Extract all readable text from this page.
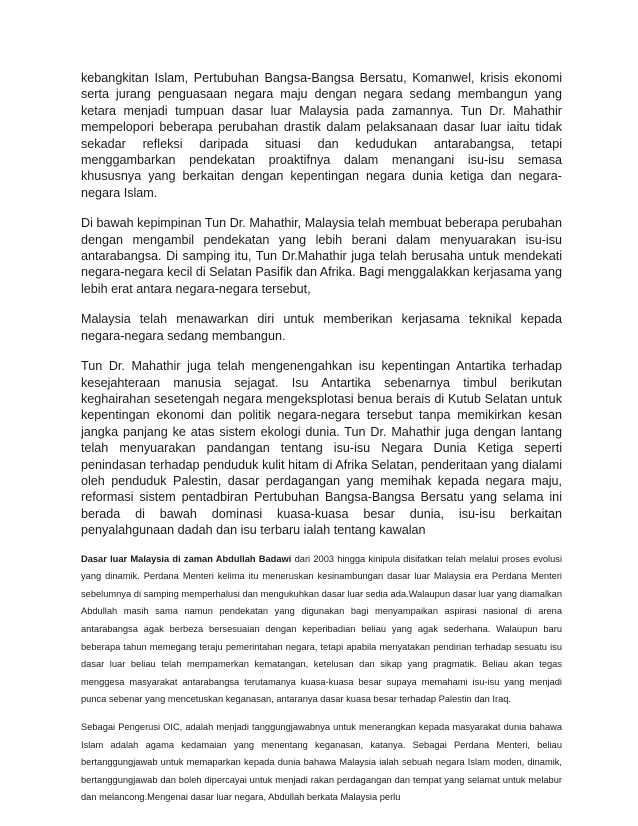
kebangkitan Islam, Pertubuhan Bangsa-Bangsa Bersatu, Komanwel, krisis ekonomi serta jurang penguasaan negara maju dengan negara sedang membangun yang ketara menjadi tumpuan dasar luar Malaysia pada zamannya. Tun Dr. Mahathir mempelopori beberapa perubahan drastik dalam pelaksanaan dasar luar iaitu tidak sekadar refleksi daripada situasi dan kedudukan antarabangsa, tetapi menggambarkan pendekatan proaktifnya dalam menangani isu-isu semasa khususnya yang berkaitan dengan kepentingan negara dunia ketiga dan negara-negara Islam.

Di bawah kepimpinan Tun Dr. Mahathir, Malaysia telah membuat beberapa perubahan dengan mengambil pendekatan yang lebih berani dalam menyuarakan isu-isu antarabangsa. Di samping itu, Tun Dr.Mahathir juga telah berusaha untuk mendekati negara-negara kecil di Selatan Pasifik dan Afrika. Bagi menggalakkan kerjasama yang lebih erat antara negara-negara tersebut,

Malaysia telah menawarkan diri untuk memberikan kerjasama teknikal kepada negara-negara sedang membangun.

Tun Dr. Mahathir juga telah mengenengahkan isu kepentingan Antartika terhadap kesejahteraan manusia sejagat. Isu Antartika sebenarnya timbul berikutan keghairahan sesetengah negara mengeksplotasi benua berais di Kutub Selatan untuk kepentingan ekonomi dan politik negara-negara tersebut tanpa memikirkan kesan jangka panjang ke atas sistem ekologi dunia. Tun Dr. Mahathir juga dengan lantang telah menyuarakan pandangan tentang isu-isu Negara Dunia Ketiga seperti penindasan terhadap penduduk kulit hitam di Afrika Selatan, penderitaan yang dialami oleh penduduk Palestin, dasar perdagangan yang memihak kepada negara maju, reformasi sistem pentadbiran Pertubuhan Bangsa-Bangsa Bersatu yang selama ini berada di bawah dominasi kuasa-kuasa besar dunia, isu-isu berkaitan penyalahgunaan dadah dan isu terbaru ialah tentang kawalan

Dasar luar Malaysia di zaman Abdullah Badawi dari 2003 hingga kinipula disifatkan telah melalui proses evolusi yang dinamik. Perdana Menteri kelima itu meneruskan kesinambungan dasar luar Malaysia era Perdana Menteri sebelumnya di samping memperhalusi dan mengukuhkan dasar luar sedia ada.Walaupun dasar luar yang diamalkan Abdullah masih sama namun pendekatan yang digunakan bagi menyampaikan aspirasi nasional di arena antarabangsa agak berbeza bersesuaian dengan keperibadian beliau yang agak sederhana. Walaupun baru beberapa tahun memegang teraju pemerintahan negara, tetapi apabila menyatakan pendirian terhadap sesuatu isu dasar luar beliau telah mempamerkan kematangan, ketelusan dan sikap yang pragmatik. Beliau akan tegas menggesa masyarakat antarabangsa terutamanya kuasa-kuasa besar supaya memahami isu-isu yang menjadi punca sebenar yang mencetuskan keganasan, antaranya dasar kuasa besar terhadap Palestin dan Iraq.

Sebagai Pengerusi OIC, adalah menjadi tanggungjawabnya untuk menerangkan kepada masyarakat dunia bahawa Islam adalah agama kedamaian yang menentang keganasan, katanya. Sebagai Perdana Menteri, beliau bertanggungjawab untuk memaparkan kepada dunia bahawa Malaysia ialah sebuah negara Islam moden, dinamik, bertanggungjawab dan boleh dipercayai untuk menjadi rakan perdagangan dan tempat yang selamat untuk melabur dan melancong.Mengenai dasar luar negara, Abdullah berkata Malaysia perlu
